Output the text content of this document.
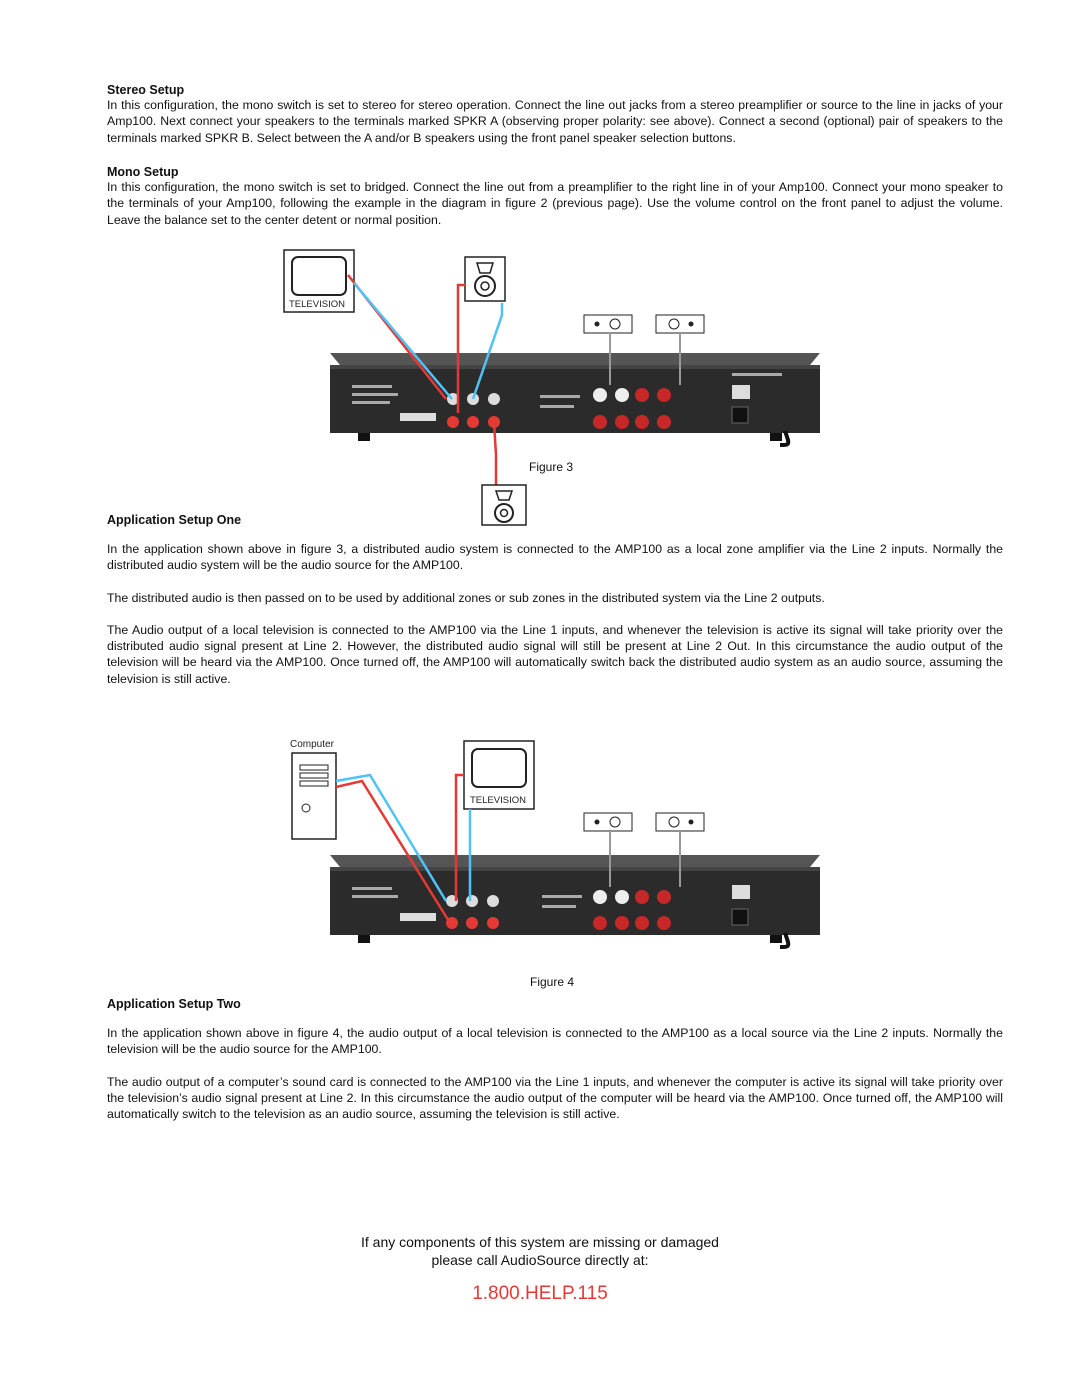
Stereo Setup

In this configuration, the mono switch is set to stereo for stereo operation. Connect the line out jacks from a stereo preamplifier or source to the line in jacks of your Amp100. Next connect your speakers to the terminals marked SPKR A (observing proper polarity: see above). Connect a second (optional) pair of speakers to the terminals marked SPKR B. Select between the A and/or B speakers using the front panel speaker selection buttons.

Mono Setup

In this configuration, the mono switch is set to bridged. Connect the line out from a preamplifier to the right line in of your Amp100. Connect your mono speaker to the terminals of your Amp100, following the example in the diagram in figure 2 (previous page). Use the volume control on the front panel to adjust the volume. Leave the balance set to the center detent or normal position.

TELEVISION
Figure 3
Application Setup One

In the application shown above in figure 3, a distributed audio system is connected to the AMP100 as a local zone amplifier via the Line 2 inputs. Normally the distributed audio system will be the audio source for the AMP100.

The distributed audio is then passed on to be used by additional zones or sub zones in the distributed system via the Line 2 outputs.

The Audio output of a local television is connected to the AMP100 via the Line 1 inputs, and whenever the television is active its signal will take priority over the distributed audio signal present at Line 2. However, the distributed audio signal will still be present at Line 2 Out. In this circumstance the audio output of the television will be heard via the AMP100. Once turned off, the AMP100 will automatically switch back the distributed audio system as an audio source, assuming the television is still active.

Computer
TELEVISION
Figure 4
Application Setup Two

In the application shown above in figure 4, the audio output of a local television is connected to the AMP100 as a local source via the Line 2 inputs. Normally the television will be the audio source for the AMP100.

The audio output of a computer’s sound card is connected to the AMP100 via the Line 1 inputs, and whenever the computer is active its signal will take priority over the television’s audio signal present at Line 2. In this circumstance the audio output of the computer will be heard via the AMP100. Once turned off, the AMP100 will automatically switch to the television as an audio source, assuming the television is still active.

If any components of this system are missing or damaged
please call AudioSource directly at:
1.800.HELP.115
